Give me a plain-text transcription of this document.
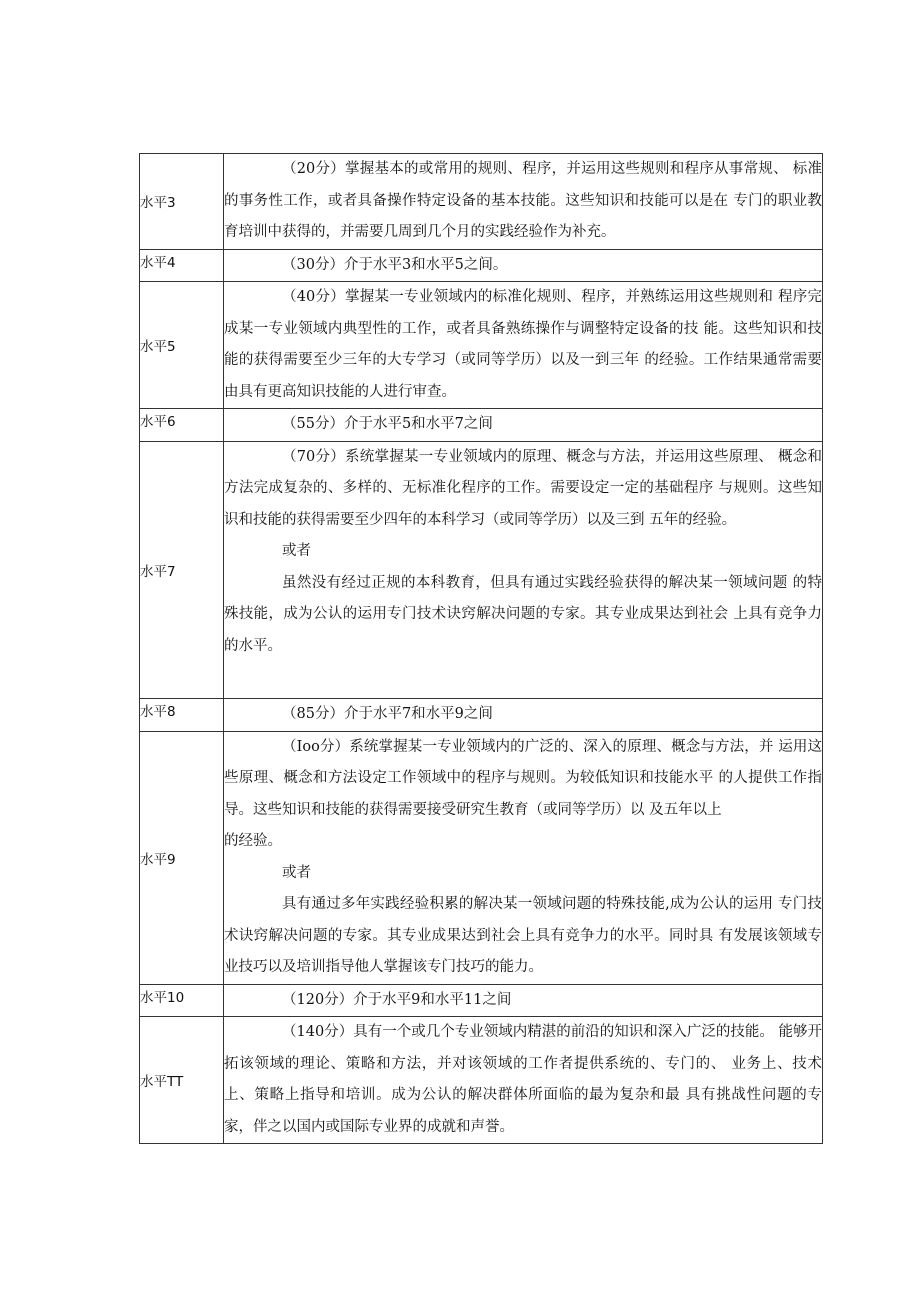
水平3	（20分）掌握基本的或常用的规则、程序，并运用这些规则和程序从事常规、 标准的事务性工作，或者具备操作特定设备的基本技能。这些知识和技能可以是在 专门的职业教育培训中获得的，并需要几周到几个月的实践经验作为补充。

水平4	（30分）介于水平3和水平5之间。

水平5	（40分）掌握某一专业领域内的标准化规则、程序，并熟练运用这些规则和 程序完成某一专业领域内典型性的工作，或者具备熟练操作与调整特定设备的技 能。这些知识和技能的获得需要至少三年的大专学习（或同等学历）以及一到三年 的经验。工作结果通常需要由具有更高知识技能的人进行审查。

水平6	（55分）介于水平5和水平7之间

水平7	（70分）系统掌握某一专业领域内的原理、概念与方法，并运用这些原理、 概念和方法完成复杂的、多样的、无标准化程序的工作。需要设定一定的基础程序 与规则。这些知识和技能的获得需要至少四年的本科学习（或同等学历）以及三到 五年的经验。

或者

虽然没有经过正规的本科教育，但具有通过实践经验获得的解决某一领域问题 的特殊技能，成为公认的运用专门技术诀窍解决问题的专家。其专业成果达到社会 上具有竞争力的水平。

水平8	（85分）介于水平7和水平9之间

水平9	（Ioo分）系统掌握某一专业领域内的广泛的、深入的原理、概念与方法，并 运用这些原理、概念和方法设定工作领域中的程序与规则。为较低知识和技能水平 的人提供工作指导。这些知识和技能的获得需要接受研究生教育（或同等学历）以 及五年以上

的经验。

或者

具有通过多年实践经验积累的解决某一领域问题的特殊技能,成为公认的运用 专门技术诀窍解决问题的专家。其专业成果达到社会上具有竞争力的水平。同时具 有发展该领域专业技巧以及培训指导他人掌握该专门技巧的能力。

水平10	（120分）介于水平9和水平11之间

水平TT	（140分）具有一个或几个专业领域内精湛的前沿的知识和深入广泛的技能。 能够开拓该领域的理论、策略和方法，并对该领域的工作者提供系统的、专门的、 业务上、技术上、策略上指导和培训。成为公认的解决群体所面临的最为复杂和最 具有挑战性问题的专家，伴之以国内或国际专业界的成就和声誉。
